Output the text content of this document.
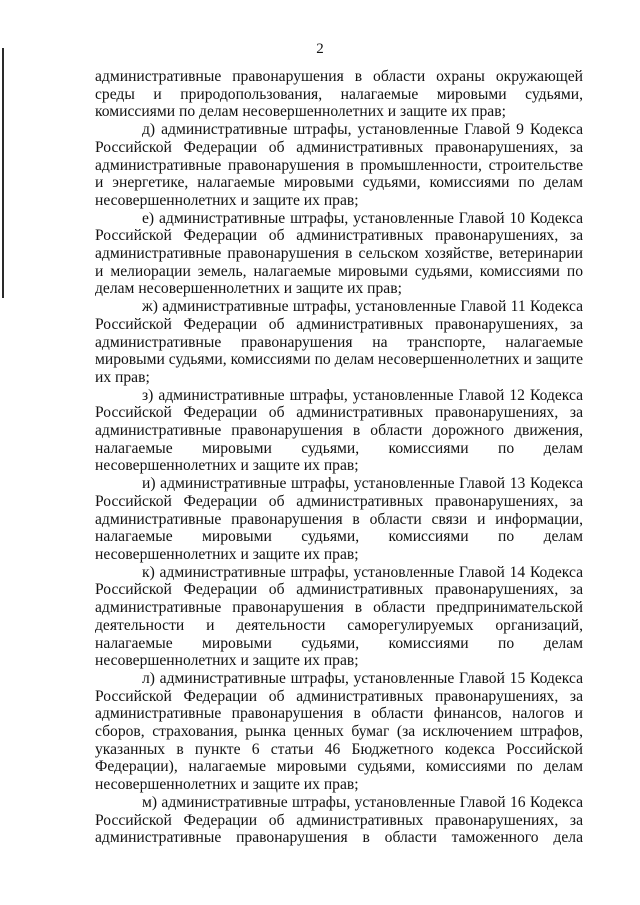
2

административные правонарушения в области охраны окружающей среды и природопользования, налагаемые мировыми судьями, комиссиями по делам несовершеннолетних и защите их прав;

д) административные штрафы, установленные Главой 9 Кодекса Российской Федерации об административных правонарушениях, за административные правонарушения в промышленности, строительстве и энергетике, налагаемые мировыми судьями, комиссиями по делам несовершеннолетних и защите их прав;

е) административные штрафы, установленные Главой 10 Кодекса Российской Федерации об административных правонарушениях, за административные правонарушения в сельском хозяйстве, ветеринарии и мелиорации земель, налагаемые мировыми судьями, комиссиями по делам несовершеннолетних и защите их прав;

ж) административные штрафы, установленные Главой 11 Кодекса Российской Федерации об административных правонарушениях, за административные правонарушения на транспорте, налагаемые мировыми судьями, комиссиями по делам несовершеннолетних и защите их прав;

з) административные штрафы, установленные Главой 12 Кодекса Российской Федерации об административных правонарушениях, за административные правонарушения в области дорожного движения, налагаемые мировыми судьями, комиссиями по делам несовершеннолетних и защите их прав;

и) административные штрафы, установленные Главой 13 Кодекса Российской Федерации об административных правонарушениях, за административные правонарушения в области связи и информации, налагаемые мировыми судьями, комиссиями по делам несовершеннолетних и защите их прав;

к) административные штрафы, установленные Главой 14 Кодекса Российской Федерации об административных правонарушениях, за административные правонарушения в области предпринимательской деятельности и деятельности саморегулируемых организаций, налагаемые мировыми судьями, комиссиями по делам несовершеннолетних и защите их прав;

л) административные штрафы, установленные Главой 15 Кодекса Российской Федерации об административных правонарушениях, за административные правонарушения в области финансов, налогов и сборов, страхования, рынка ценных бумаг (за исключением штрафов, указанных в пункте 6 статьи 46 Бюджетного кодекса Российской Федерации), налагаемые мировыми судьями, комиссиями по делам несовершеннолетних и защите их прав;

м) административные штрафы, установленные Главой 16 Кодекса Российской Федерации об административных правонарушениях, за административные правонарушения в области таможенного дела
